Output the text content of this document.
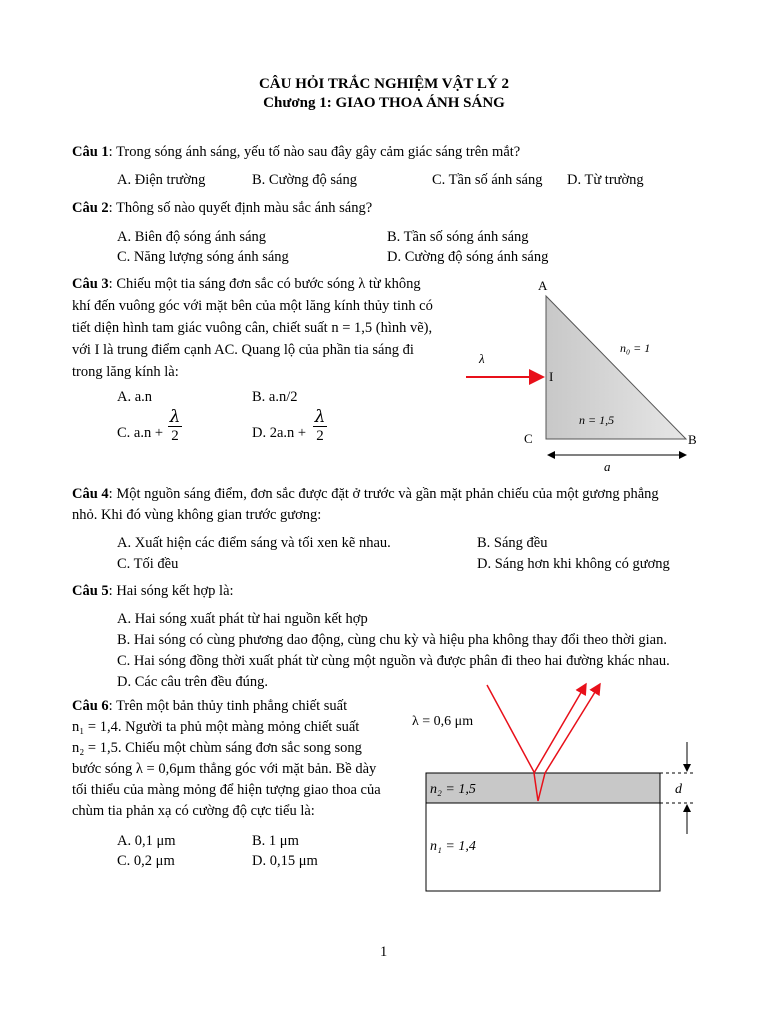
CÂU HỎI TRẮC NGHIỆM VẬT LÝ 2
Chương 1: GIAO THOA ÁNH SÁNG
Câu 1: Trong sóng ánh sáng, yếu tố nào sau đây gây cảm giác sáng trên mắt?
A. Điện trường	B. Cường độ sáng	C. Tần số ánh sáng D. Từ trường
Câu 2: Thông số nào quyết định màu sắc ánh sáng?
A. Biên độ sóng ánh sáng	B. Tần số sóng ánh sáng
C. Năng lượng sóng ánh sáng	D. Cường độ sóng ánh sáng
Câu 3: Chiếu một tia sáng đơn sắc có bước sóng λ từ không
khí đến vuông góc với mặt bên của một lăng kính thủy tinh có
tiết diện hình tam giác vuông cân, chiết suất n = 1,5 (hình vẽ),
với I là trung điểm cạnh AC. Quang lộ của phần tia sáng đi
trong lăng kính là:
A. a.n	B. a.n/2
C. a.n +
λ
2	D. 2a.n +
λ
2
A
B
C
I
λ
n₀ = 1
n = 1,5
a
λ = 0,6 μm
n₂ = 1,5
n₁ = 1,4
d
Câu 4: Một nguồn sáng điểm, đơn sắc được đặt ở trước và gần mặt phản chiếu của một gương phẳng
nhỏ. Khi đó vùng không gian trước gương:
A. Xuất hiện các điểm sáng và tối xen kẽ nhau.	B. Sáng đều
C. Tối đều	D. Sáng hơn khi không có gương
Câu 5: Hai sóng kết hợp là:
A. Hai sóng xuất phát từ hai nguồn kết hợp
B. Hai sóng có cùng phương dao động, cùng chu kỳ và hiệu pha không thay đổi theo thời gian.
C. Hai sóng đồng thời xuất phát từ cùng một nguồn và được phân đi theo hai đường khác nhau.
D. Các câu trên đều đúng.
Câu 6: Trên một bản thủy tinh phẳng chiết suất
n₁ = 1,4. Người ta phủ một màng mỏng chiết suất
n₂ = 1,5. Chiếu một chùm sáng đơn sắc song song
bước sóng λ = 0,6μm thẳng góc với mặt bản. Bề dày
tối thiểu của màng mỏng để hiện tượng giao thoa của
chùm tia phản xạ có cường độ cực tiểu là:
A. 0,1 μm	B. 1 μm
C. 0,2 μm	D. 0,15 μm
1
